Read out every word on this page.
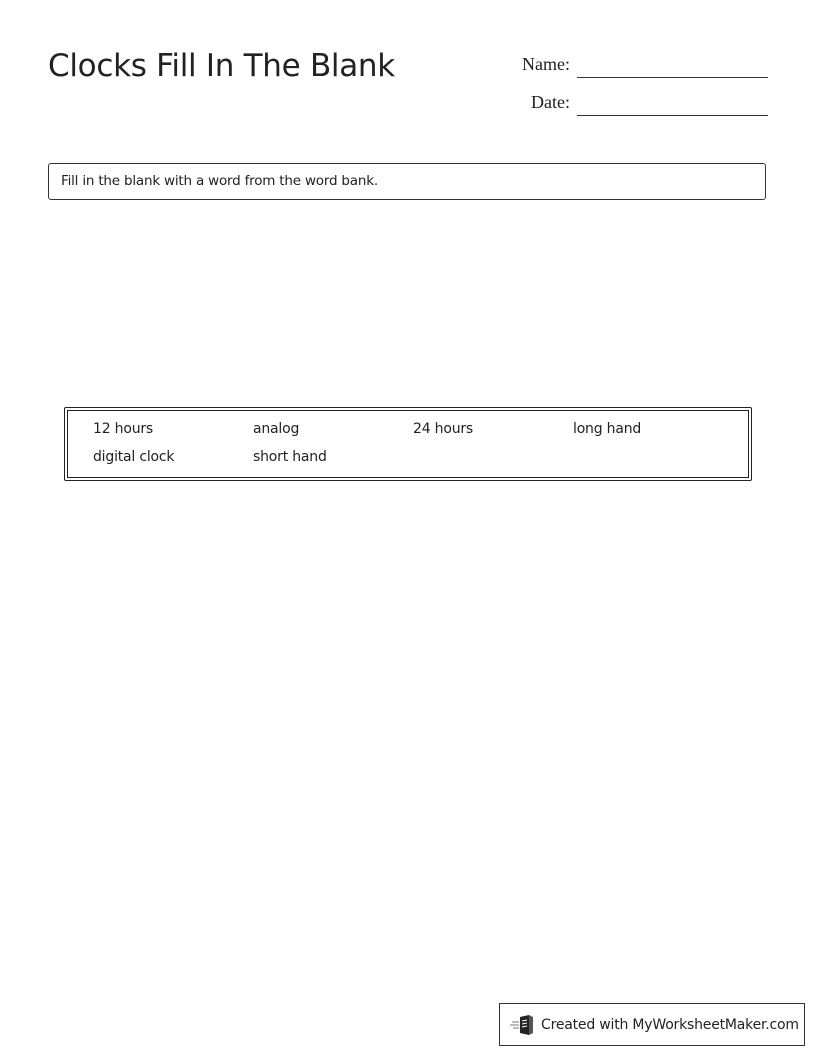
Clocks Fill In The Blank	Name:
Date:
Fill in the blank with a word from the word bank.
12 hours	analog	24 hours	long hand
digital clock	short hand
Created with MyWorksheetMaker.com
